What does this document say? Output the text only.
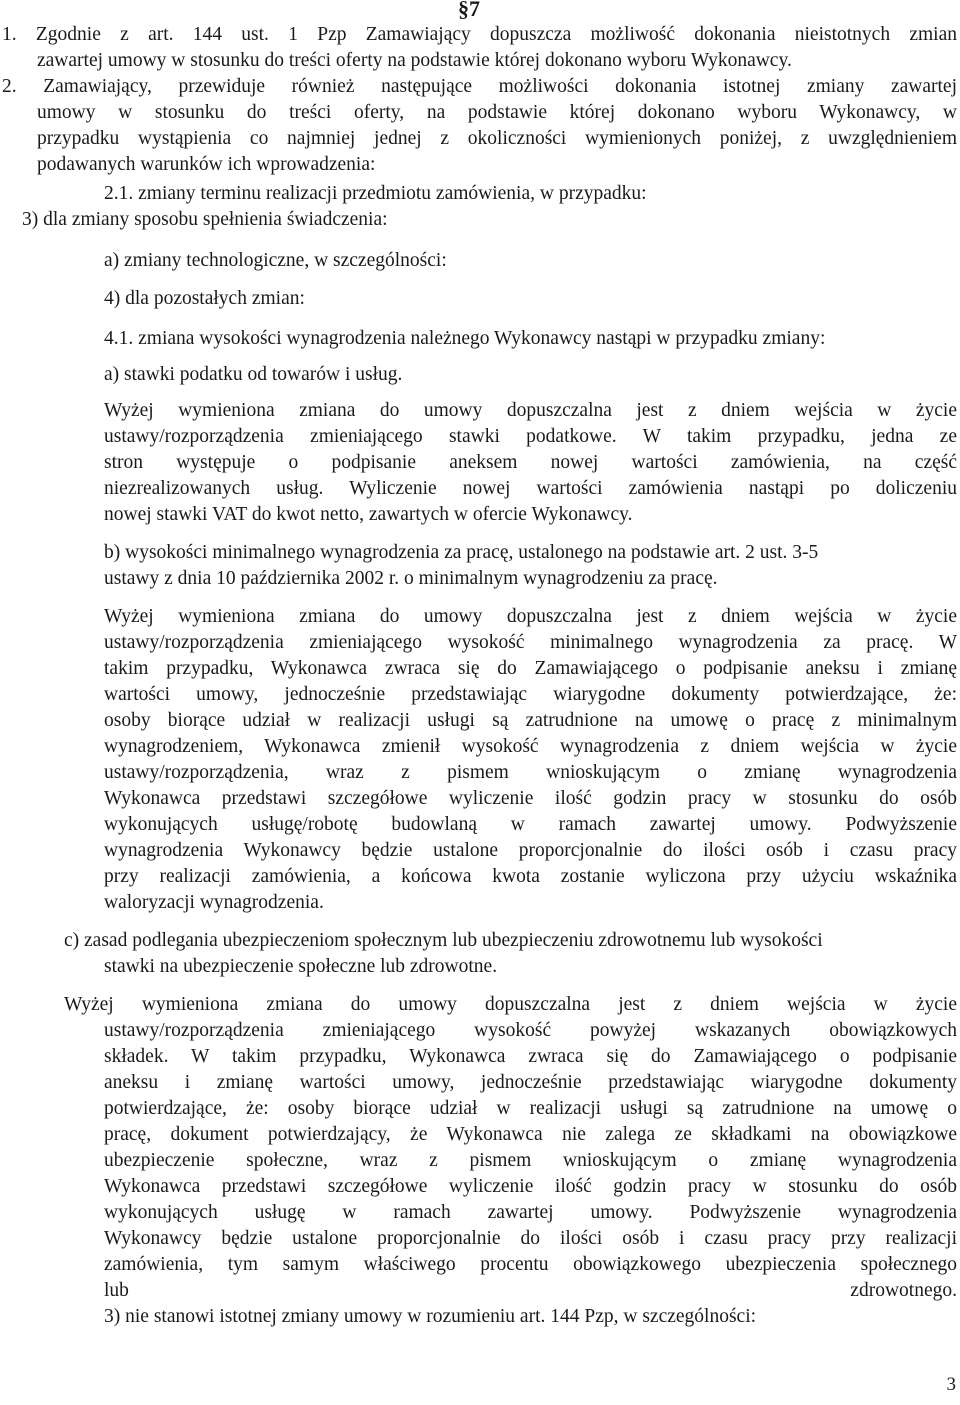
§7
1. Zgodnie z art. 144 ust. 1 Pzp Zamawiający dopuszcza możliwość dokonania nieistotnych zmian
zawartej umowy w stosunku do treści oferty na podstawie której dokonano wyboru Wykonawcy.
2. Zamawiający, przewiduje również następujące możliwości dokonania istotnej zmiany zawartej
umowy w stosunku do treści oferty, na podstawie której dokonano wyboru Wykonawcy, w
przypadku wystąpienia co najmniej jednej z okoliczności wymienionych poniżej, z uwzględnieniem
podawanych warunków ich wprowadzenia:
2.1. zmiany terminu realizacji przedmiotu zamówienia, w przypadku:
3) dla zmiany sposobu spełnienia świadczenia:
a) zmiany technologiczne, w szczególności:
4) dla pozostałych zmian:
4.1. zmiana wysokości wynagrodzenia należnego Wykonawcy nastąpi w przypadku zmiany:
a) stawki podatku od towarów i usług.
Wyżej wymieniona zmiana do umowy dopuszczalna jest z dniem wejścia w życie
ustawy/rozporządzenia zmieniającego stawki podatkowe. W takim przypadku, jedna ze
stron występuje o podpisanie aneksem nowej wartości zamówienia, na część
niezrealizowanych usług. Wyliczenie nowej wartości zamówienia nastąpi po doliczeniu
nowej stawki VAT do kwot netto, zawartych w ofercie Wykonawcy.
b) wysokości minimalnego wynagrodzenia za pracę, ustalonego na podstawie art. 2 ust. 3-5
ustawy z dnia 10 października 2002 r. o minimalnym wynagrodzeniu za pracę.
Wyżej wymieniona zmiana do umowy dopuszczalna jest z dniem wejścia w życie
ustawy/rozporządzenia zmieniającego wysokość minimalnego wynagrodzenia za pracę. W
takim przypadku, Wykonawca zwraca się do Zamawiającego o podpisanie aneksu i zmianę
wartości umowy, jednocześnie przedstawiając wiarygodne dokumenty potwierdzające, że:
osoby biorące udział w realizacji usługi są zatrudnione na umowę o pracę z minimalnym
wynagrodzeniem, Wykonawca zmienił wysokość wynagrodzenia z dniem wejścia w życie
ustawy/rozporządzenia, wraz z pismem wnioskującym o zmianę wynagrodzenia
Wykonawca przedstawi szczegółowe wyliczenie ilość godzin pracy w stosunku do osób
wykonujących usługę/robotę budowlaną w ramach zawartej umowy. Podwyższenie
wynagrodzenia Wykonawcy będzie ustalone proporcjonalnie do ilości osób i czasu pracy
przy realizacji zamówienia, a końcowa kwota zostanie wyliczona przy użyciu wskaźnika
waloryzacji wynagrodzenia.
c) zasad podlegania ubezpieczeniom społecznym lub ubezpieczeniu zdrowotnemu lub wysokości
stawki na ubezpieczenie społeczne lub zdrowotne.
Wyżej wymieniona zmiana do umowy dopuszczalna jest z dniem wejścia w życie
ustawy/rozporządzenia zmieniającego wysokość powyżej wskazanych obowiązkowych
składek. W takim przypadku, Wykonawca zwraca się do Zamawiającego o podpisanie
aneksu i zmianę wartości umowy, jednocześnie przedstawiając wiarygodne dokumenty
potwierdzające, że: osoby biorące udział w realizacji usługi są zatrudnione na umowę o
pracę, dokument potwierdzający, że Wykonawca nie zalega ze składkami na obowiązkowe
ubezpieczenie społeczne, wraz z pismem wnioskującym o zmianę wynagrodzenia
Wykonawca przedstawi szczegółowe wyliczenie ilość godzin pracy w stosunku do osób
wykonujących usługę w ramach zawartej umowy. Podwyższenie wynagrodzenia
Wykonawcy będzie ustalone proporcjonalnie do ilości osób i czasu pracy przy realizacji
zamówienia, tym samym właściwego procentu obowiązkowego ubezpieczenia społecznego
lub zdrowotnego.
3) nie stanowi istotnej zmiany umowy w rozumieniu art. 144 Pzp, w szczególności:
3
